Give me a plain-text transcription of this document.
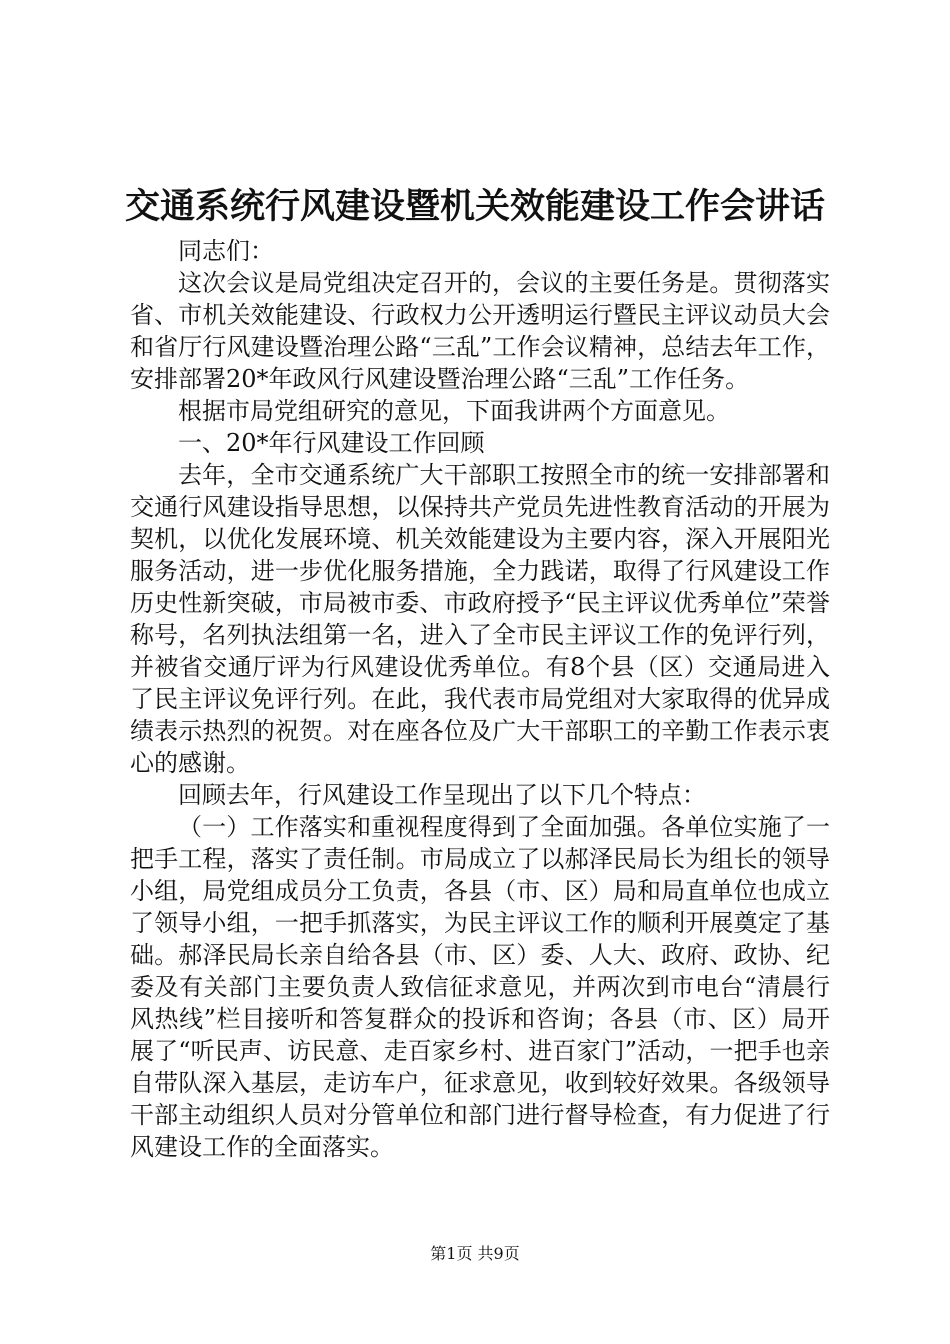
交通系统行风建设暨机关效能建设工作会讲话

同志们：

这次会议是局党组决定召开的，会议的主要任务是。贯彻落实省、市机关效能建设、行政权力公开透明运行暨民主评议动员大会和省厅行风建设暨治理公路“三乱”工作会议精神，总结去年工作，安排部署20*年政风行风建设暨治理公路“三乱”工作任务。

根据市局党组研究的意见，下面我讲两个方面意见。

一、20*年行风建设工作回顾

去年，全市交通系统广大干部职工按照全市的统一安排部署和交通行风建设指导思想，以保持共产党员先进性教育活动的开展为契机，以优化发展环境、机关效能建设为主要内容，深入开展阳光服务活动，进一步优化服务措施，全力践诺，取得了行风建设工作历史性新突破，市局被市委、市政府授予“民主评议优秀单位”荣誉称号，名列执法组第一名，进入了全市民主评议工作的免评行列，并被省交通厅评为行风建设优秀单位。有8个县（区）交通局进入了民主评议免评行列。在此，我代表市局党组对大家取得的优异成绩表示热烈的祝贺。对在座各位及广大干部职工的辛勤工作表示衷心的感谢。

回顾去年，行风建设工作呈现出了以下几个特点：

（一）工作落实和重视程度得到了全面加强。各单位实施了一把手工程，落实了责任制。市局成立了以郝泽民局长为组长的领导小组，局党组成员分工负责，各县（市、区）局和局直单位也成立了领导小组，一把手抓落实，为民主评议工作的顺利开展奠定了基础。郝泽民局长亲自给各县（市、区）委、人大、政府、政协、纪委及有关部门主要负责人致信征求意见，并两次到市电台“清晨行风热线”栏目接听和答复群众的投诉和咨询；各县（市、区）局开展了“听民声、访民意、走百家乡村、进百家门”活动，一把手也亲自带队深入基层，走访车户，征求意见，收到较好效果。各级领导干部主动组织人员对分管单位和部门进行督导检查，有力促进了行风建设工作的全面落实。

第1页 共9页
